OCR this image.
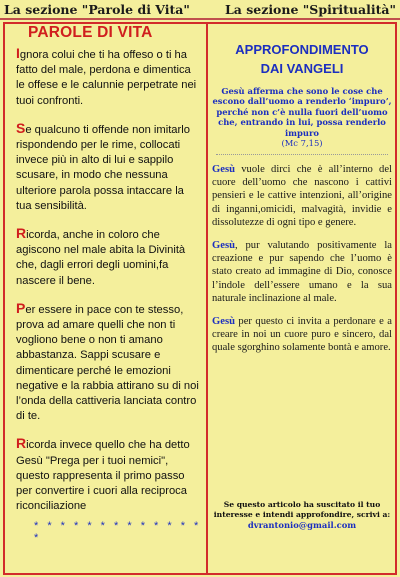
La sezione "Parole di Vita"	La sezione "Spiritualità"
PAROLE DI VITA

Ignora colui che ti ha offeso o ti ha fatto del male, perdona e dimentica le offese e le calunnie perpetrate nei tuoi confronti.

Se qualcuno ti offende non imitarlo rispondendo per le rime, collocati invece più in alto di lui e sappilo scusare, in modo che nessuna ulteriore parola possa intaccare la tua sensibilità.

Ricorda, anche in coloro che agiscono nel male abita la Divinità che, dagli errori degli uomini,fa nascere il bene.

Per essere in pace con te stesso, prova ad amare quelli che non ti vogliono bene o non ti amano abbastanza. Sappi scusare e dimenticare perché le emozioni negative e la rabbia attirano su di noi l’onda della cattiveria lanciata contro di te.

Ricorda invece quello che ha detto Gesù "Prega per i tuoi nemici", questo rappresenta il primo passo per convertire i cuori alla reciproca riconciliazione

* * * * * * * * * * * * * *
APPROFONDIMENTO
DAI VANGELI
Gesù afferma che sono le cose che escono dall’uomo a renderlo ‘impuro’, perché non c’è nulla fuori dell’uomo che, entrando in lui, possa renderlo impuro
(Mc 7,15)

Gesù vuole dirci che è all’interno del cuore dell’uomo che nascono i cattivi pensieri e le cattive intenzioni, all’origine di inganni,omicidi, malvagità, invidie e dissolutezze di ogni tipo e genere.

Gesù, pur valutando positivamente la creazione e pur sapendo che l’uomo è stato creato ad immagine di Dio, conosce l’indole dell’essere umano e la sua naturale inclinazione al male.

Gesù per questo ci invita a perdonare e a creare in noi un cuore puro e sincero, dal quale sgorghino solamente bontà e amore.

Se questo articolo ha suscitato il tuo interesse e intendi approfondire, scrivi a:
dvrantonio@gmail.com
